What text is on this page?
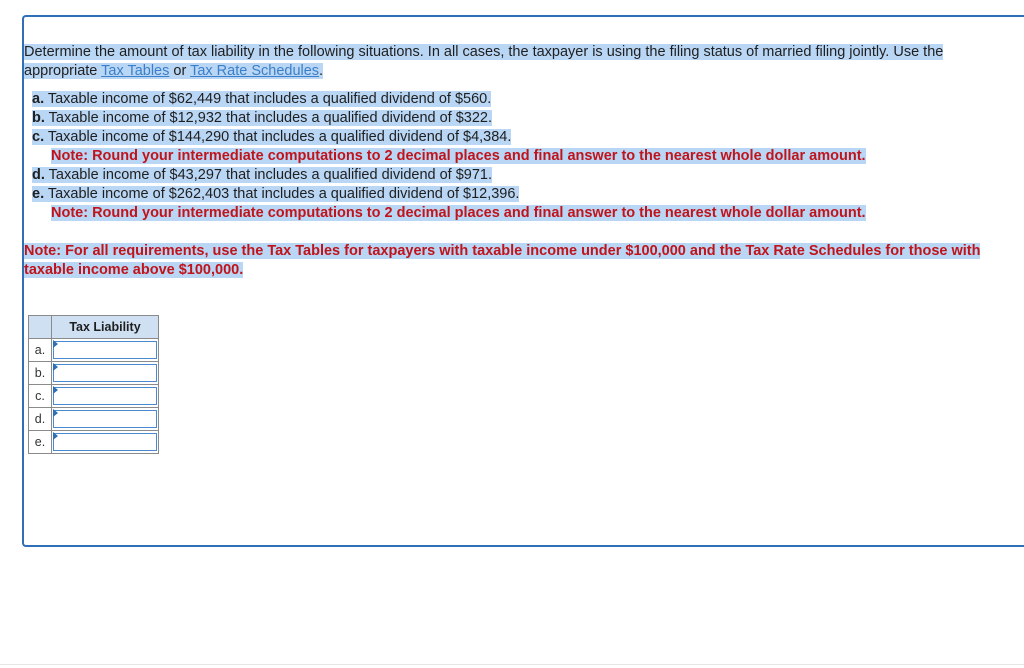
Determine the amount of tax liability in the following situations. In all cases, the taxpayer is using the filing status of married filing jointly. Use the appropriate Tax Tables or Tax Rate Schedules.

a. Taxable income of $62,449 that includes a qualified dividend of $560.
b. Taxable income of $12,932 that includes a qualified dividend of $322.
c. Taxable income of $144,290 that includes a qualified dividend of $4,384.
Note: Round your intermediate computations to 2 decimal places and final answer to the nearest whole dollar amount.
d. Taxable income of $43,297 that includes a qualified dividend of $971.
e. Taxable income of $262,403 that includes a qualified dividend of $12,396.
Note: Round your intermediate computations to 2 decimal places and final answer to the nearest whole dollar amount.
Note: For all requirements, use the Tax Tables for taxpayers with taxable income under $100,000 and the Tax Rate Schedules for those with taxable income above $100,000.
	Tax Liability
a.	

b.	

c.	

d.	

e.	
